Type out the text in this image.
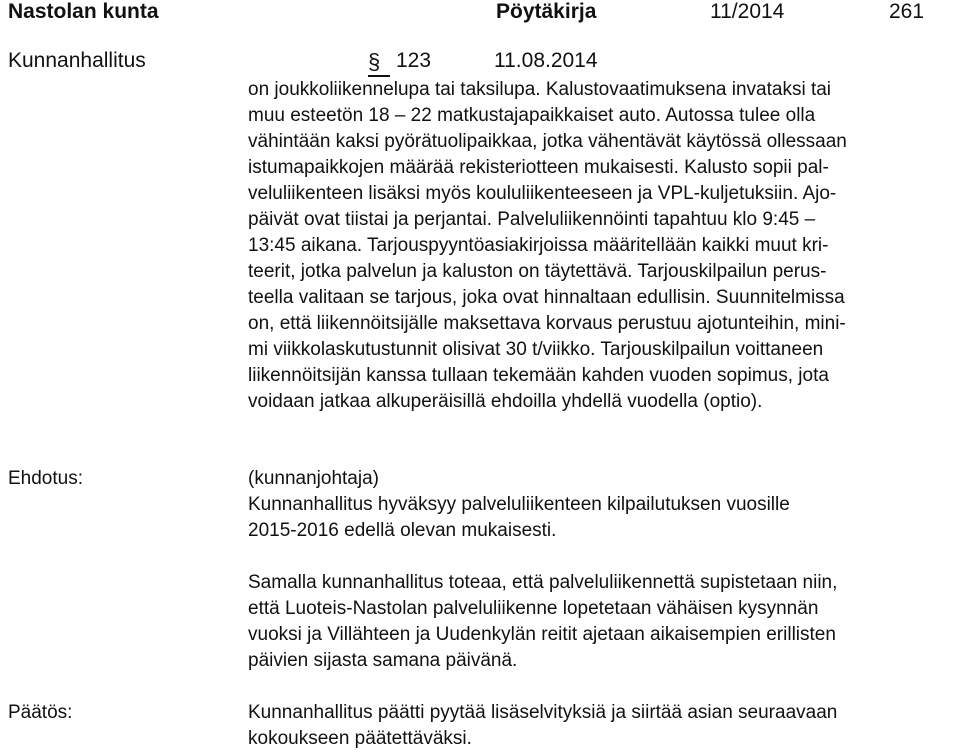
Nastolan kunta	Pöytäkirja	11/2014	261
Kunnanhallitus	§ 123	11.08.2014
on joukkoliikennelupa tai taksilupa. Kalustovaatimuksena invataksi tai
muu esteetön 18 – 22 matkustajapaikkaiset auto. Autossa tulee olla
vähintään kaksi pyörätuolipaikkaa, jotka vähentävät käytössä ollessaan
istumapaikkojen määrää rekisteriotteen mukaisesti. Kalusto sopii pal-
veluliikenteen lisäksi myös koululiikenteeseen ja VPL-kuljetuksiin. Ajo-
päivät ovat tiistai ja perjantai. Palveluliikennöinti tapahtuu klo 9:45 –
13:45 aikana. Tarjouspyyntöasiakirjoissa määritellään kaikki muut kri-
teerit, jotka palvelun ja kaluston on täytettävä. Tarjouskilpailun perus-
teella valitaan se tarjous, joka ovat hinnaltaan edullisin. Suunnitelmissa
on, että liikennöitsijälle maksettava korvaus perustuu ajotunteihin, mini-
mi viikkolaskutustunnit olisivat 30 t/viikko. Tarjouskilpailun voittaneen
liikennöitsijän kanssa tullaan tekemään kahden vuoden sopimus, jota
voidaan jatkaa alkuperäisillä ehdoilla yhdellä vuodella (optio).
Ehdotus:	(kunnanjohtaja)
Kunnanhallitus hyväksyy palveluliikenteen kilpailutuksen vuosille
2015-2016 edellä olevan mukaisesti.
Samalla kunnanhallitus toteaa, että palveluliikennettä supistetaan niin,
että Luoteis-Nastolan palveluliikenne lopetetaan vähäisen kysynnän
vuoksi ja Villähteen ja Uudenkylän reitit ajetaan aikaisempien erillisten
päivien sijasta samana päivänä.
Päätös:	Kunnanhallitus päätti pyytää lisäselvityksiä ja siirtää asian seuraavaan
kokoukseen päätettäväksi.
